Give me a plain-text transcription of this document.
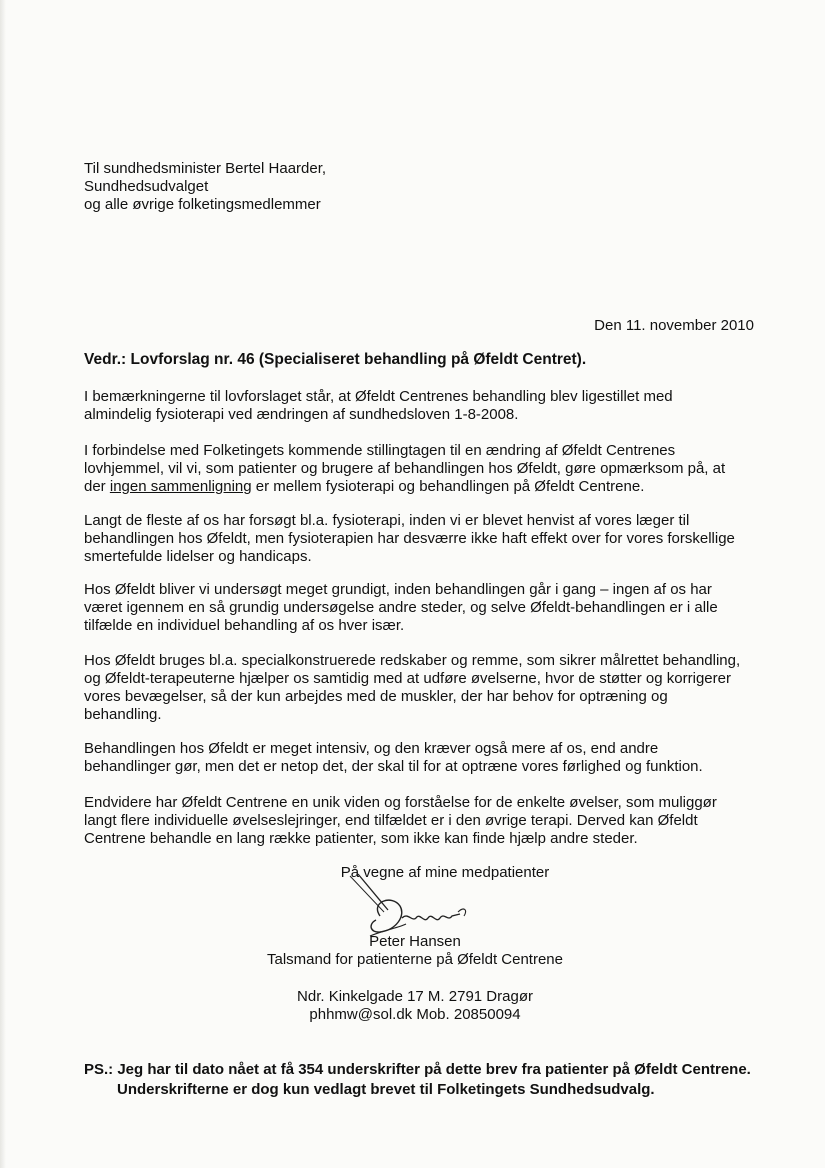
Til sundhedsminister Bertel Haarder,
Sundhedsudvalget
og alle øvrige folketingsmedlemmer
Den 11. november 2010
Vedr.: Lovforslag nr. 46 (Specialiseret behandling på Øfeldt Centret).
I bemærkningerne til lovforslaget står, at Øfeldt Centrenes behandling blev ligestillet med
almindelig fysioterapi ved ændringen af sundhedsloven 1-8-2008.
I forbindelse med Folketingets kommende stillingtagen til en ændring af Øfeldt Centrenes
lovhjemmel, vil vi, som patienter og brugere af behandlingen hos Øfeldt, gøre opmærksom på, at
der ingen sammenligning er mellem fysioterapi og behandlingen på Øfeldt Centrene.
Langt de fleste af os har forsøgt bl.a. fysioterapi, inden vi er blevet henvist af vores læger til
behandlingen hos Øfeldt, men fysioterapien har desværre ikke haft effekt over for vores forskellige
smertefulde lidelser og handicaps.
Hos Øfeldt bliver vi undersøgt meget grundigt, inden behandlingen går i gang – ingen af os har
været igennem en så grundig undersøgelse andre steder, og selve Øfeldt-behandlingen er i alle
tilfælde en individuel behandling af os hver især.
Hos Øfeldt bruges bl.a. specialkonstruerede redskaber og remme, som sikrer målrettet behandling,
og Øfeldt-terapeuterne hjælper os samtidig med at udføre øvelserne, hvor de støtter og korrigerer
vores bevægelser, så der kun arbejdes med de muskler, der har behov for optræning og
behandling.
Behandlingen hos Øfeldt er meget intensiv, og den kræver også mere af os, end andre
behandlinger gør, men det er netop det, der skal til for at optræne vores førlighed og funktion.
Endvidere har Øfeldt Centrene en unik viden og forståelse for de enkelte øvelser, som muliggør
langt flere individuelle øvelseslejringer, end tilfældet er i den øvrige terapi. Derved kan Øfeldt
Centrene behandle en lang række patienter, som ikke kan finde hjælp andre steder.
På vegne af mine medpatienter
Peter Hansen
Talsmand for patienterne på Øfeldt Centrene
Ndr. Kinkelgade 17 M. 2791 Dragør
phhmw@sol.dk Mob. 20850094
PS.: Jeg har til dato nået at få 354 underskrifter på dette brev fra patienter på Øfeldt Centrene.
Underskrifterne er dog kun vedlagt brevet til Folketingets Sundhedsudvalg.
